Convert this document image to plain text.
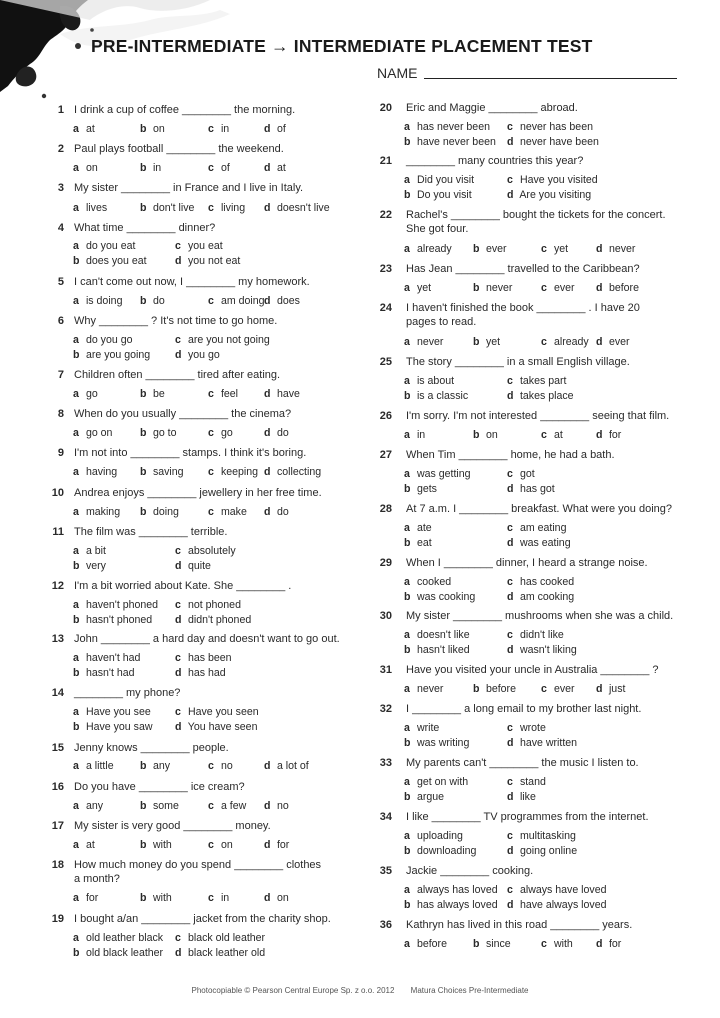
PRE-INTERMEDIATE → INTERMEDIATE PLACEMENT TEST
NAME
1 I drink a cup of coffee ________ the morning.
a at	b on	c in	d of
2 Paul plays football ________ the weekend.
a on	b in	c of	d at
3 My sister ________ in France and I live in Italy.
a lives	b don't live c living d doesn't live
4 What time ________ dinner?
a do you eat
b does you eat
c you eat
d you not eat
5 I can't come out now, I ________ my homework.
a is doing b do	c am doing d does
6 Why ________ ? It's not time to go home.
a do you go
b are you going
c are you not going
d you go
7 Children often ________ tired after eating.
a go	b be	c feel d have
8 When do you usually ________ the cinema?
a go on	b go to	c go	d do
9 I'm not into ________ stamps. I think it's boring.
a having b saving c keeping d collecting
10 Andrea enjoys ________ jewellery in her free time.
a making b doing	c make d do
11 The film was ________ terrible.
a a bit
b very
c absolutely
d quite
12 I'm a bit worried about Kate. She ________ .
a haven't phoned
b hasn't phoned
c not phoned
d didn't phoned
13 John ________ a hard day and doesn't want to go out.
a haven't had
b hasn't had
c has been
d has had
14 ________ my phone?
a Have you see
b Have you saw
c Have you seen
d You have seen
15 Jenny knows ________ people.
a a little b any	c no	d a lot of
16 Do you have ________ ice cream?
a any	b some	c a few d no
17 My sister is very good ________ money.
a at	b with	c on	d for
18 How much money do you spend ________ clothes a month?
a for	b with	c in	d on
19 I bought a/an ________ jacket from the charity shop.
a old leather black
b old black leather
c black old leather
d black leather old
20 Eric and Maggie ________ abroad.
a has never been
b have never been
c never has been
d never have been
21 ________ many countries this year?
a Did you visit
b Do you visit
c Have you visited
d Are you visiting
22 Rachel's ________ bought the tickets for the concert. She got four.
a already b ever	c yet	d never
23 Has Jean ________ travelled to the Caribbean?
a yet	b never	c ever d before
24 I haven't finished the book ________ . I have 20 pages to read.
a never	b yet	c already d ever
25 The story ________ in a small English village.
a is about
b is a classic
c takes part
d takes place
26 I'm sorry. I'm not interested ________ seeing that film.
a in	b on	c at	d for
27 When Tim ________ home, he had a bath.
a was getting
b gets
c got
d has got
28 At 7 a.m. I ________ breakfast. What were you doing?
a ate
b eat
c am eating
d was eating
29 When I ________ dinner, I heard a strange noise.
a cooked
b was cooking
c has cooked
d am cooking
30 My sister ________ mushrooms when she was a child.
a doesn't like
b hasn't liked
c didn't like
d wasn't liking
31 Have you visited your uncle in Australia ________ ?
a never	b before c ever d just
32 I ________ a long email to my brother last night.
a write
b was writing
c wrote
d have written
33 My parents can't ________ the music I listen to.
a get on with
b argue
c stand
d like
34 I like ________ TV programmes from the internet.
a uploading
b downloading
c multitasking
d going online
35 Jackie ________ cooking.
a always has loved
b has always loved
c always have loved
d have always loved
36 Kathryn has lived in this road ________ years.
a before b since	c with d for
Photocopiable © Pearson Central Europe Sp. z o.o. 2012 Matura Choices Pre-Intermediate
